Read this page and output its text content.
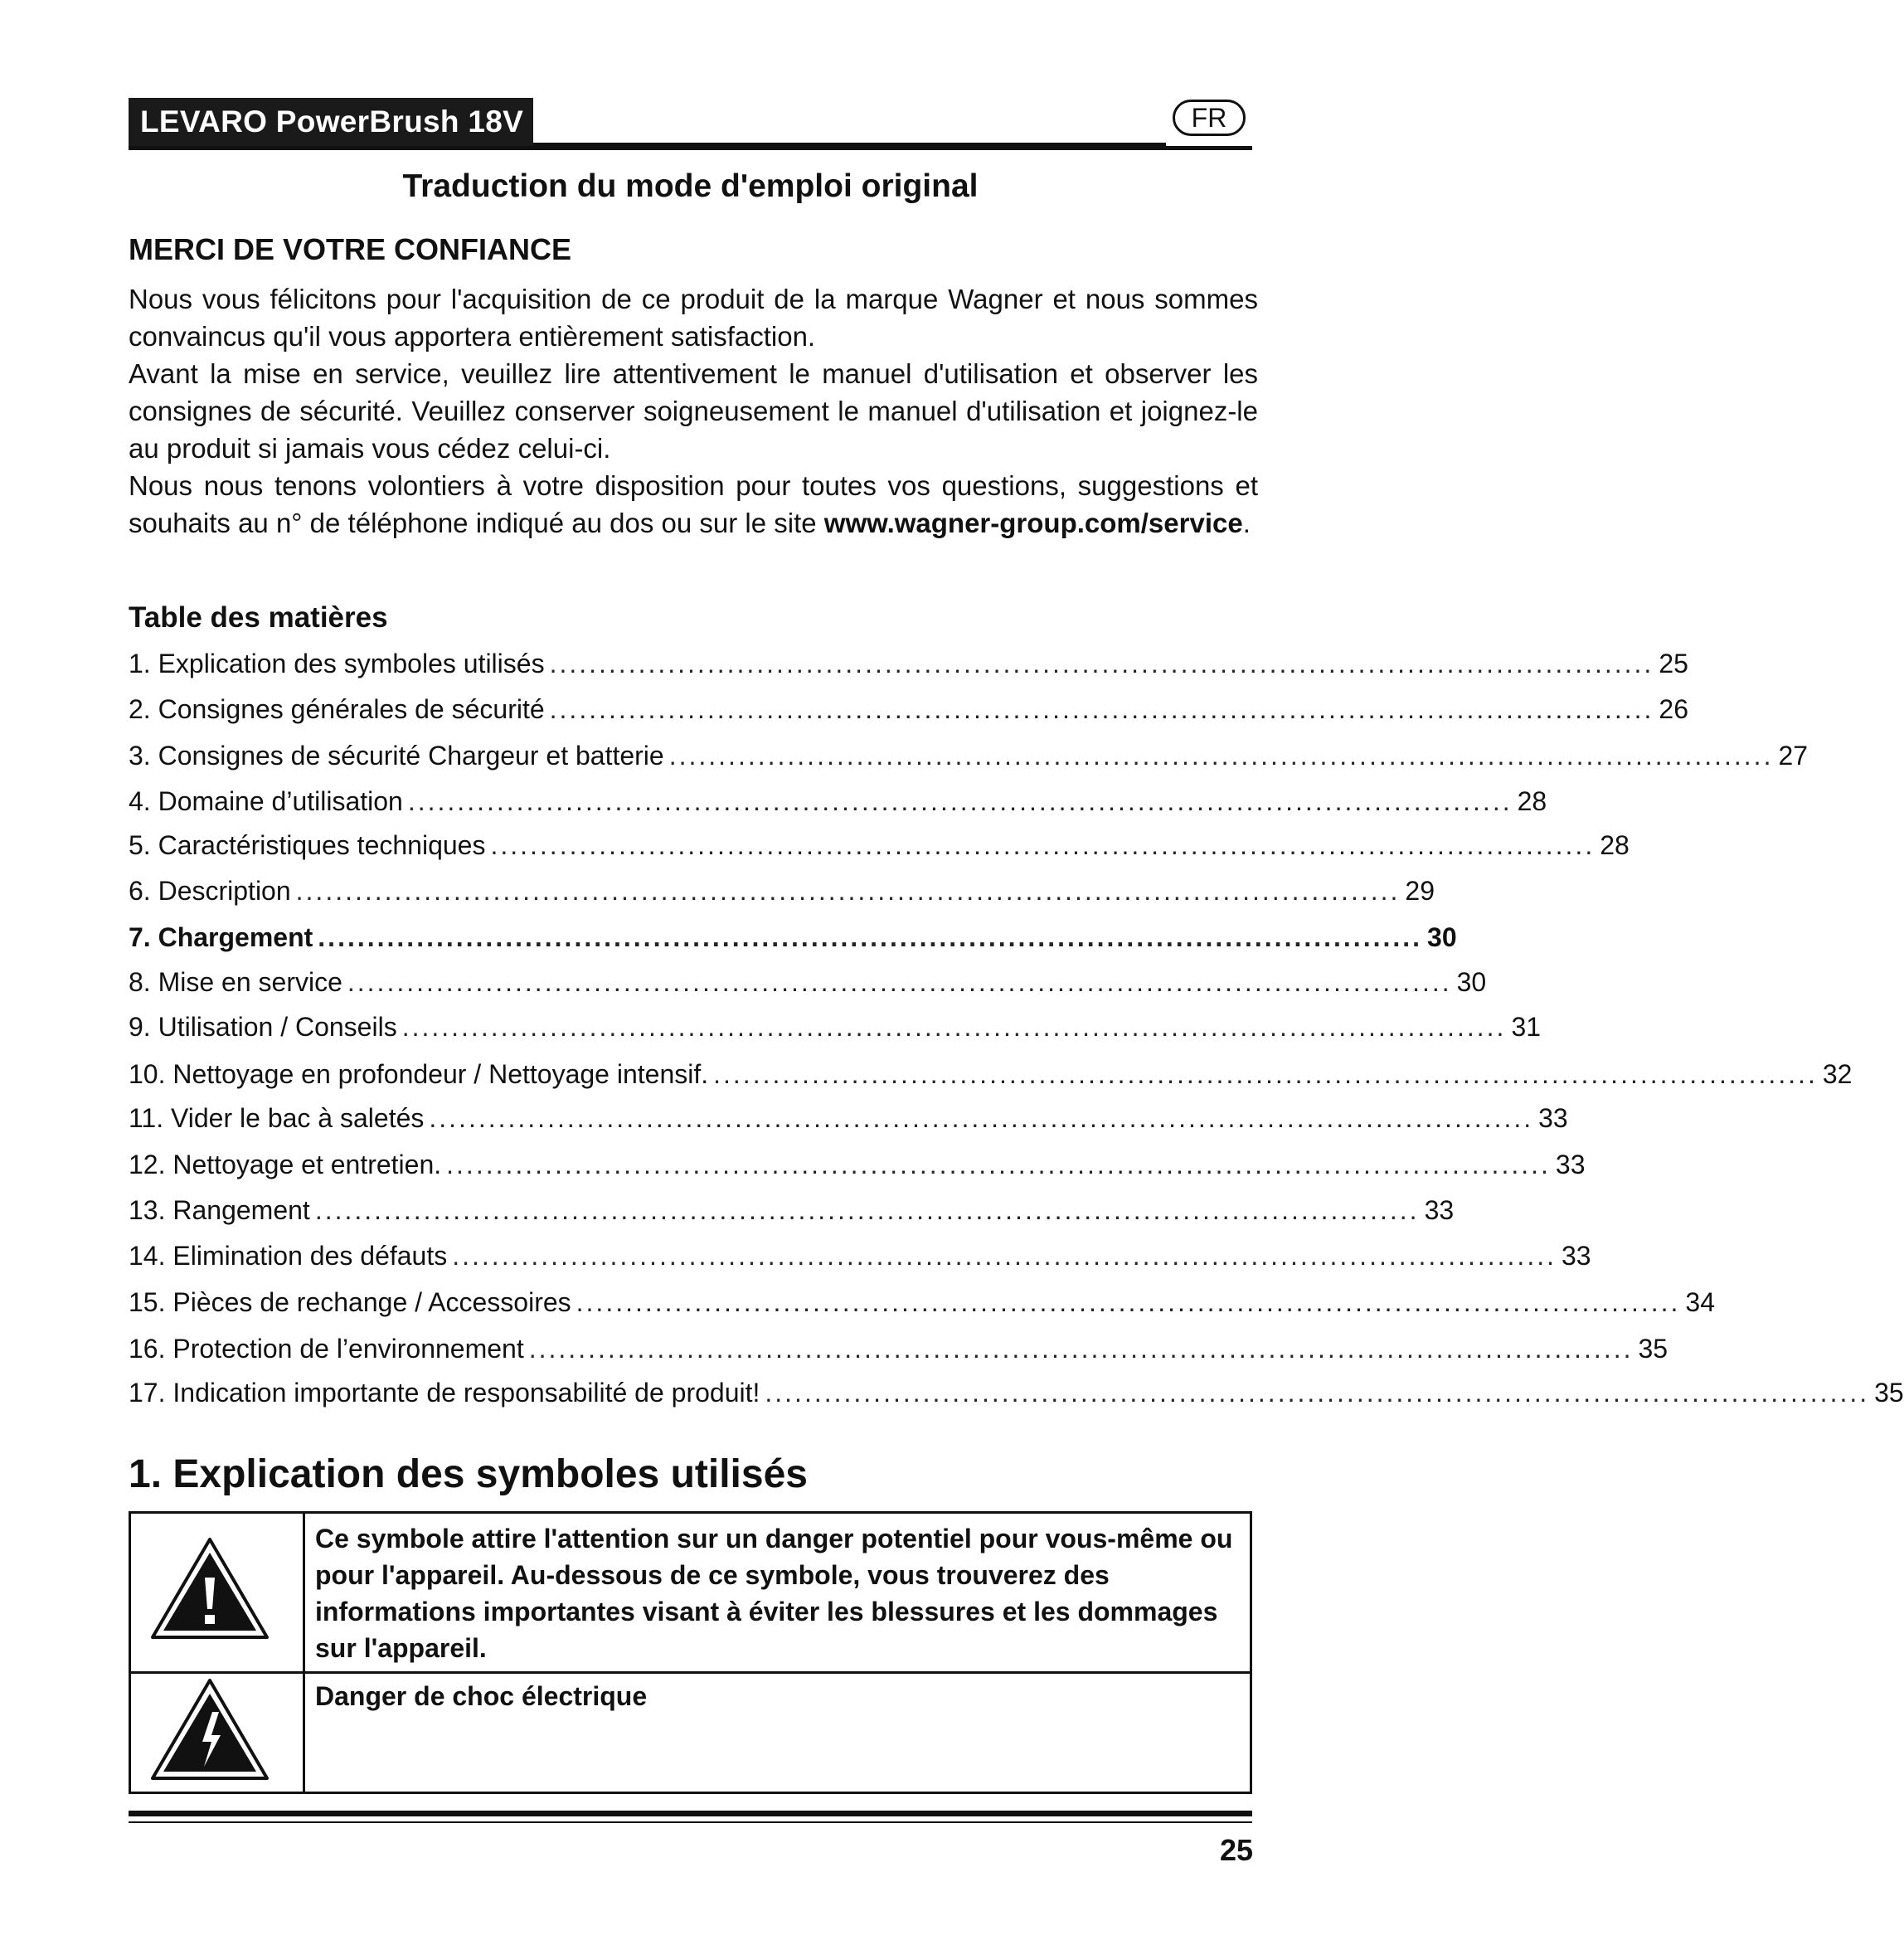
LEVARO PowerBrush 18V	FR
Traduction du mode d'emploi original
MERCI DE VOTRE CONFIANCE

Nous vous félicitons pour l'acquisition de ce produit de la marque Wagner et nous sommes convaincus qu'il vous apportera entièrement satisfaction.

Avant la mise en service, veuillez lire attentivement le manuel d'utilisation et observer les consignes de sécurité. Veuillez conserver soigneusement le manuel d'utilisation et joignez-le au produit si jamais vous cédez celui-ci.

Nous nous tenons volontiers à votre disposition pour toutes vos questions, suggestions et souhaits au n° de téléphone indiqué au dos ou sur le site www.wagner-group.com/service.

Table des matières
1. Explication des symboles utilisés ................................................................................................................ 25
2. Consignes générales de sécurité ................................................................................................................ 26
3. Consignes de sécurité Chargeur et batterie ................................................................................................................ 27
4. Domaine d’utilisation ................................................................................................................ 28
5. Caractéristiques techniques ................................................................................................................ 28
6. Description ................................................................................................................ 29
7. Chargement ................................................................................................................ 30
8. Mise en service ................................................................................................................ 30
9. Utilisation / Conseils ................................................................................................................ 31
10. Nettoyage en profondeur / Nettoyage intensif. ................................................................................................................ 32
11. Vider le bac à saletés ................................................................................................................ 33
12. Nettoyage et entretien. ................................................................................................................ 33
13. Rangement ................................................................................................................ 33
14. Elimination des défauts ................................................................................................................ 33
15. Pièces de rechange / Accessoires ................................................................................................................ 34
16. Protection de l’environnement ................................................................................................................ 35
17. Indication importante de responsabilité de produit! ................................................................................................................ 35
1. Explication des symboles utilisés
Ce symbole attire l'attention sur un danger potentiel pour vous-même ou pour l'appareil. Au-dessous de ce symbole, vous trouverez des informations importantes visant à éviter les blessures et les dommages sur l'appareil.
Danger de choc électrique
25
